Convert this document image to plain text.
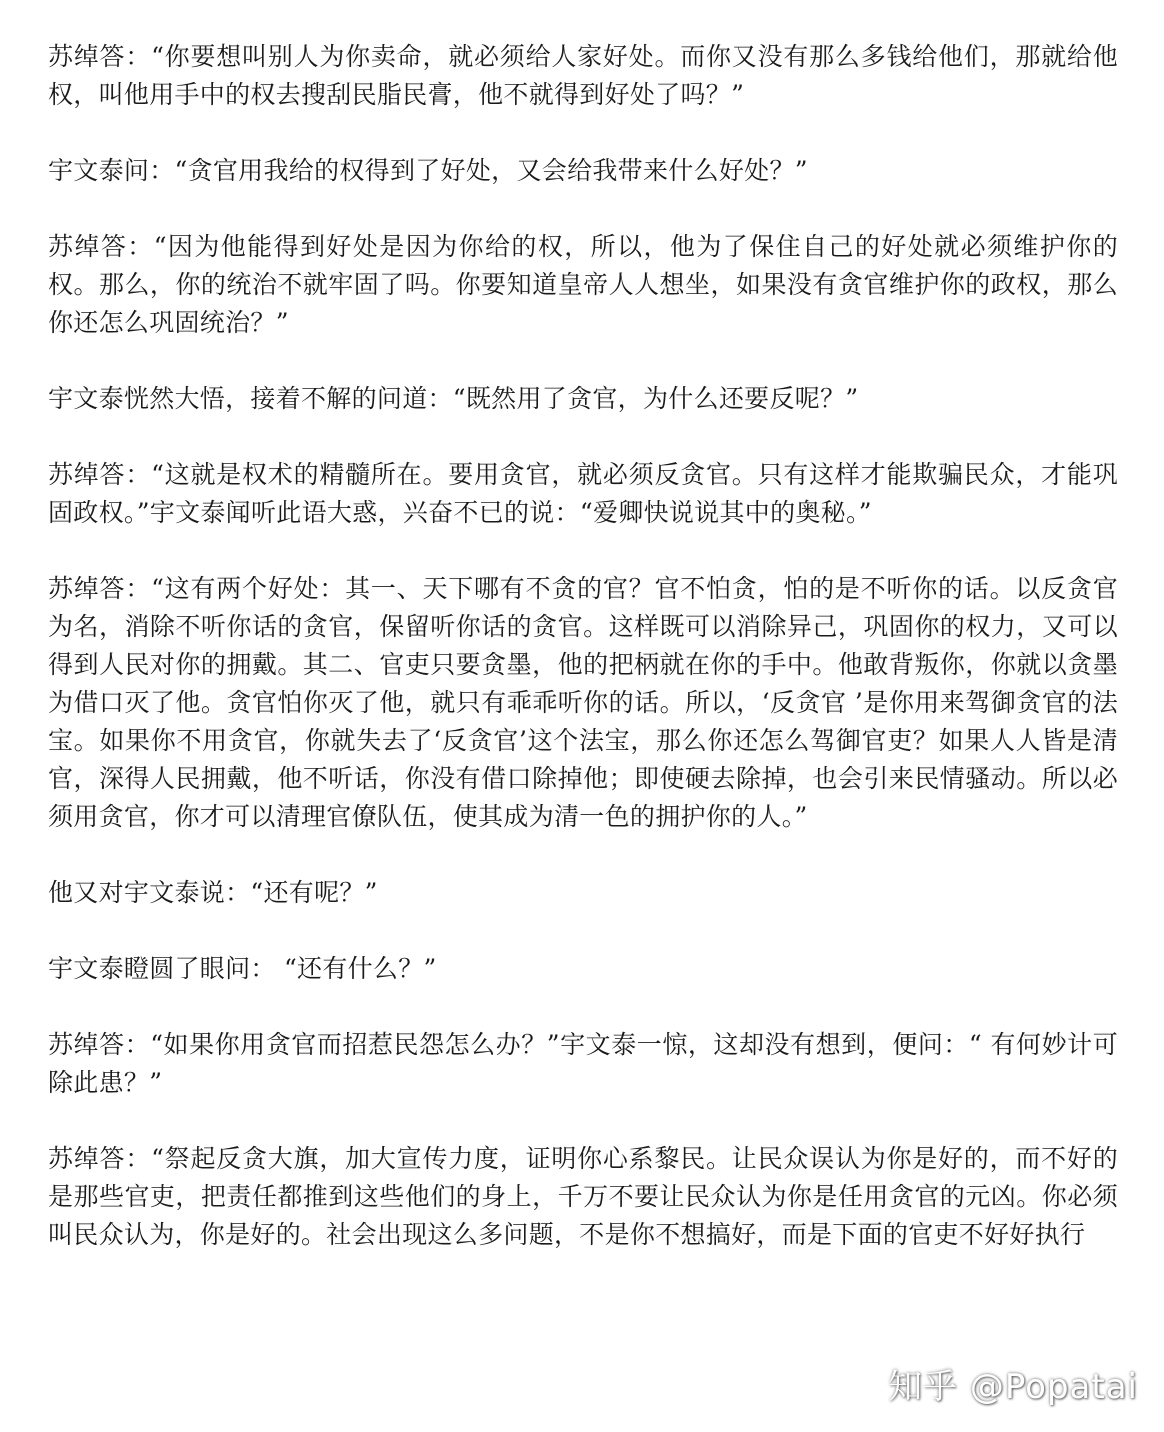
苏绰答：“你要想叫别人为你卖命，就必须给人家好处。而你又没有那么多钱给他们，那就给他权，叫他用手中的权去搜刮民脂民膏，他不就得到好处了吗？”

宇文泰问：“贪官用我给的权得到了好处，又会给我带来什么好处？”

苏绰答：“因为他能得到好处是因为你给的权，所以，他为了保住自己的好处就必须维护你的权。那么，你的统治不就牢固了吗。你要知道皇帝人人想坐，如果没有贪官维护你的政权，那么你还怎么巩固统治？”

宇文泰恍然大悟，接着不解的问道：“既然用了贪官，为什么还要反呢？”

苏绰答：“这就是权术的精髓所在。要用贪官，就必须反贪官。只有这样才能欺骗民众，才能巩固政权。”宇文泰闻听此语大惑，兴奋不已的说：“爱卿快说说其中的奥秘。”

苏绰答：“这有两个好处：其一、天下哪有不贪的官？官不怕贪，怕的是不听你的话。以反贪官为名，消除不听你话的贪官，保留听你话的贪官。这样既可以消除异己，巩固你的权力，又可以得到人民对你的拥戴。其二、官吏只要贪墨，他的把柄就在你的手中。他敢背叛你，你就以贪墨为借口灭了他。贪官怕你灭了他，就只有乖乖听你的话。所以，‘反贪官 ’是你用来驾御贪官的法宝。如果你不用贪官，你就失去了‘反贪官’这个法宝，那么你还怎么驾御官吏？如果人人皆是清官，深得人民拥戴，他不听话，你没有借口除掉他；即使硬去除掉，也会引来民情骚动。所以必须用贪官，你才可以清理官僚队伍，使其成为清一色的拥护你的人。”

他又对宇文泰说：“还有呢？”

宇文泰瞪圆了眼问： “还有什么？”

苏绰答：“如果你用贪官而招惹民怨怎么办？”宇文泰一惊，这却没有想到，便问：“ 有何妙计可除此患？”

苏绰答：“祭起反贪大旗，加大宣传力度，证明你心系黎民。让民众误认为你是好的，而不好的是那些官吏，把责任都推到这些他们的身上，千万不要让民众认为你是任用贪官的元凶。你必须叫民众认为，你是好的。社会出现这么多问题，不是你不想搞好，而是下面的官吏不好好执行

知乎 @Popatai
